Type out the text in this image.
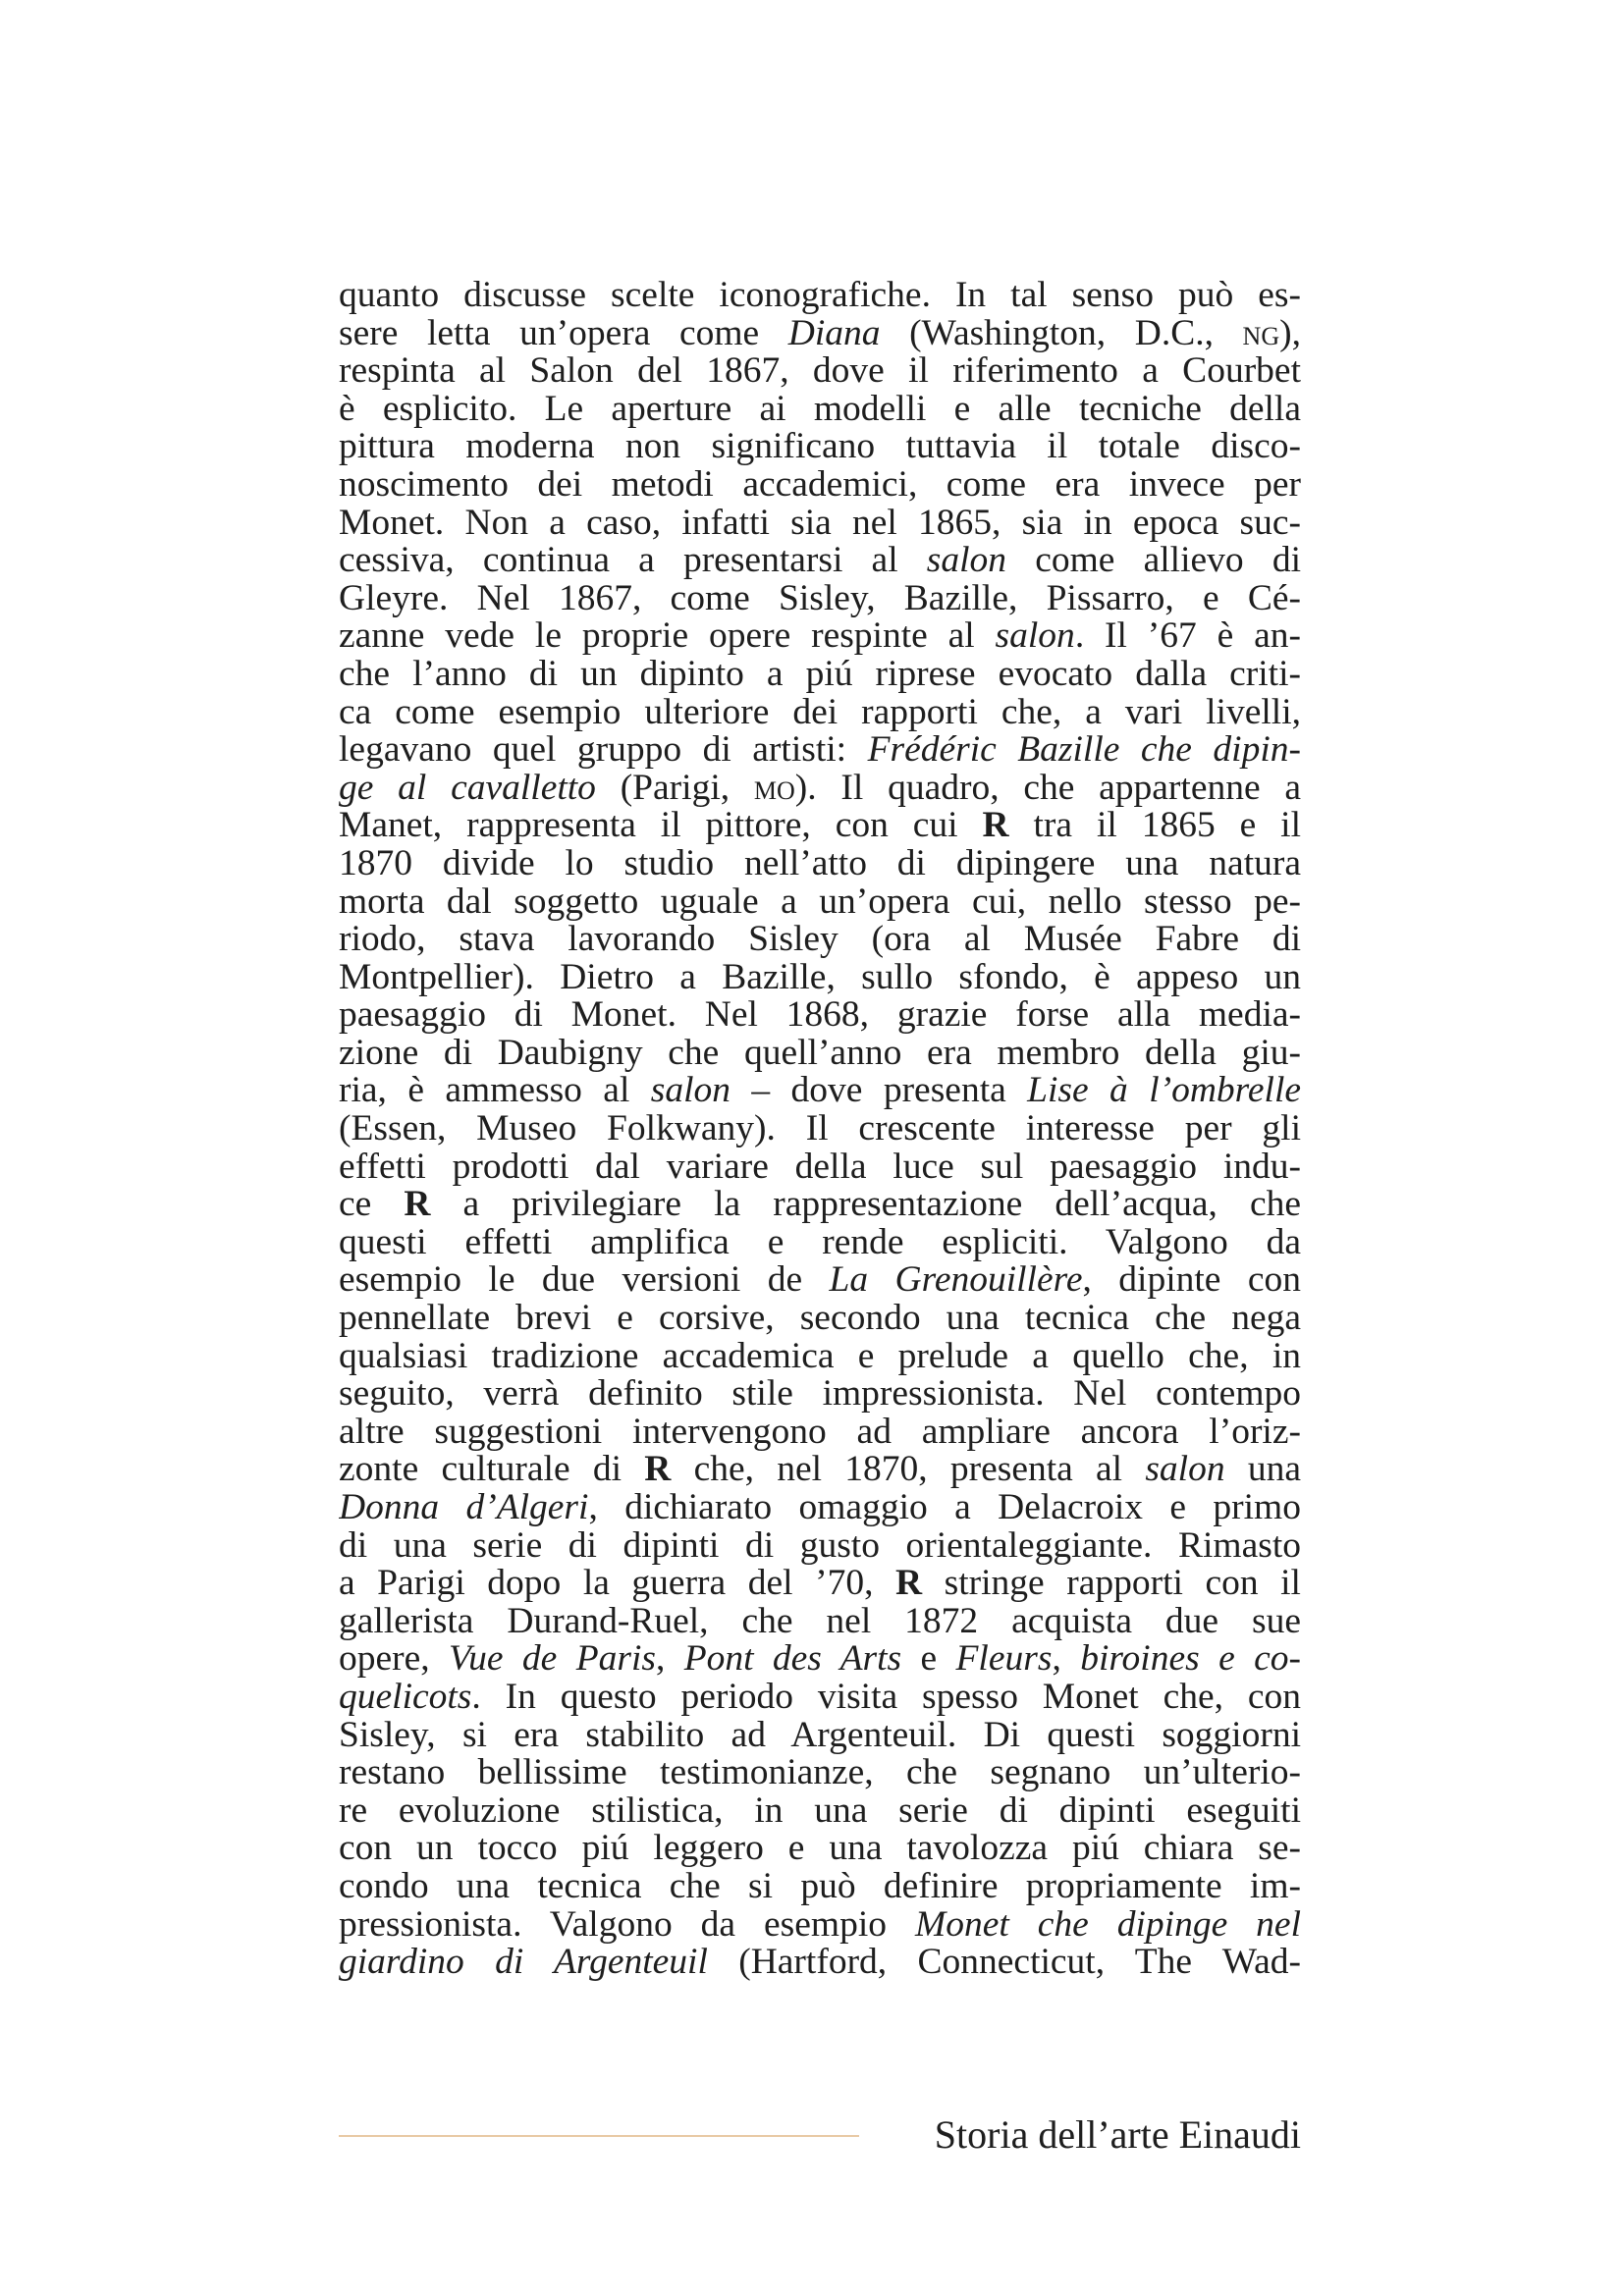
quanto discusse scelte iconografiche. In tal senso può es-
sere letta un’opera come Diana (Washington, D.C., ng),
respinta al Salon del 1867, dove il riferimento a Courbet
è esplicito. Le aperture ai modelli e alle tecniche della
pittura moderna non significano tuttavia il totale disco-
noscimento dei metodi accademici, come era invece per
Monet. Non a caso, infatti sia nel 1865, sia in epoca suc-
cessiva, continua a presentarsi al salon come allievo di
Gleyre. Nel 1867, come Sisley, Bazille, Pissarro, e Cé-
zanne vede le proprie opere respinte al salon. Il ’67 è an-
che l’anno di un dipinto a piú riprese evocato dalla criti-
ca come esempio ulteriore dei rapporti che, a vari livelli,
legavano quel gruppo di artisti: Frédéric Bazille che dipin-
ge al cavalletto (Parigi, mo). Il quadro, che appartenne a
Manet, rappresenta il pittore, con cui R tra il 1865 e il
1870 divide lo studio nell’atto di dipingere una natura
morta dal soggetto uguale a un’opera cui, nello stesso pe-
riodo, stava lavorando Sisley (ora al Musée Fabre di
Montpellier). Dietro a Bazille, sullo sfondo, è appeso un
paesaggio di Monet. Nel 1868, grazie forse alla media-
zione di Daubigny che quell’anno era membro della giu-
ria, è ammesso al salon – dove presenta Lise à l’ombrelle
(Essen, Museo Folkwany). Il crescente interesse per gli
effetti prodotti dal variare della luce sul paesaggio indu-
ce R a privilegiare la rappresentazione dell’acqua, che
questi effetti amplifica e rende espliciti. Valgono da
esempio le due versioni de La Grenouillère, dipinte con
pennellate brevi e corsive, secondo una tecnica che nega
qualsiasi tradizione accademica e prelude a quello che, in
seguito, verrà definito stile impressionista. Nel contempo
altre suggestioni intervengono ad ampliare ancora l’oriz-
zonte culturale di R che, nel 1870, presenta al salon una
Donna d’Algeri, dichiarato omaggio a Delacroix e primo
di una serie di dipinti di gusto orientaleggiante. Rimasto
a Parigi dopo la guerra del ’70, R stringe rapporti con il
gallerista Durand-Ruel, che nel 1872 acquista due sue
opere, Vue de Paris, Pont des Arts e Fleurs, biroines e co-
quelicots. In questo periodo visita spesso Monet che, con
Sisley, si era stabilito ad Argenteuil. Di questi soggiorni
restano bellissime testimonianze, che segnano un’ulterio-
re evoluzione stilistica, in una serie di dipinti eseguiti
con un tocco piú leggero e una tavolozza piú chiara se-
condo una tecnica che si può definire propriamente im-
pressionista. Valgono da esempio Monet che dipinge nel
giardino di Argenteuil (Hartford, Connecticut, The Wad-
Storia dell’arte Einaudi
